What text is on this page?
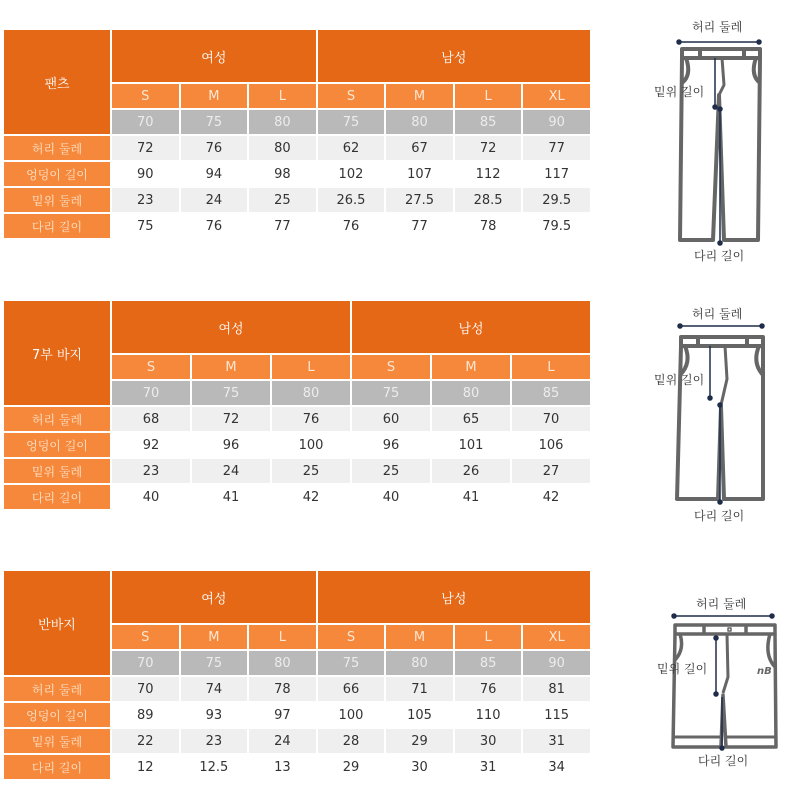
팬츠	여성			남성			
	S	M	L	S	M	L	XL
	70	75	80	75	80	85	90
허리 둘레	72	76	80	62	67	72	77
엉덩이 길이	90	94	98	102	107	112	117
밑위 둘레	23	24	25	26.5	27.5	28.5	29.5
다리 길이	75	76	77	76	77	78	79.5
7부 바지	여성			남성		
	S	M	L	S	M	L
	70	75	80	75	80	85
허리 둘레	68	72	76	60	65	70
엉덩이 길이	92	96	100	96	101	106
밑위 둘레	23	24	25	25	26	27
다리 길이	40	41	42	40	41	42
반바지	여성			남성			
	S	M	L	S	M	L	XL
	70	75	80	75	80	85	90
허리 둘레	70	74	78	66	71	76	81
엉덩이 길이	89	93	97	100	105	110	115
밑위 둘레	22	23	24	28	29	30	31
다리 길이	12	12.5	13	29	30	31	34
허리 둘레
밑위 길이
다리 길이
허리 둘레
밑위 길이
다리 길이
nB
허리 둘레
밑위 길이
다리 길이
